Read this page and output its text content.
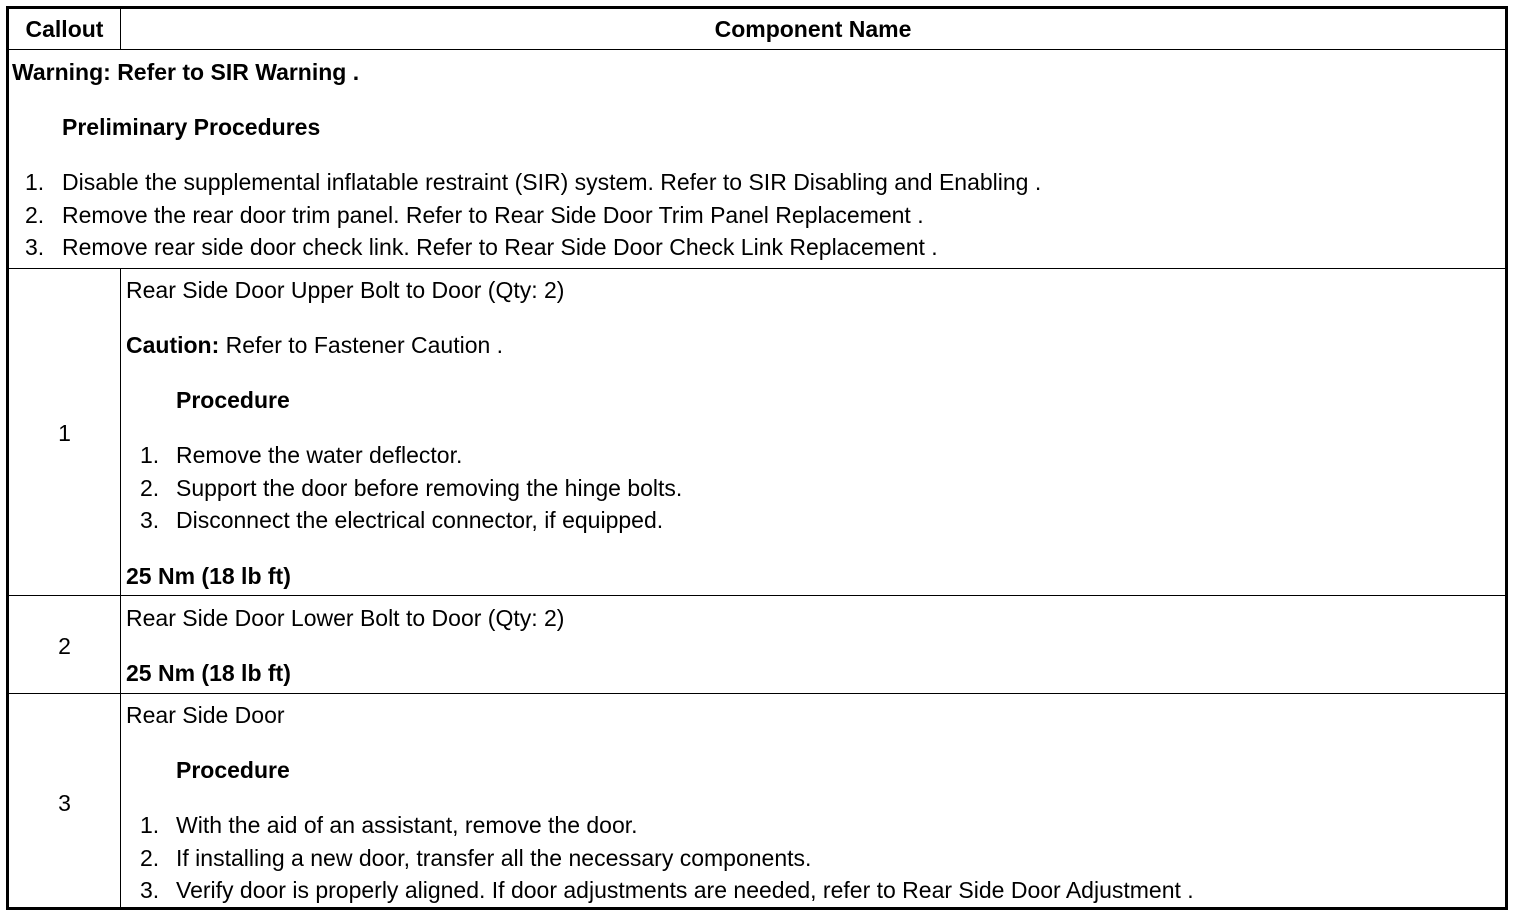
Callout	Component Name
Warning: Refer to SIR Warning .
Preliminary Procedures
1. Disable the supplemental inflatable restraint (SIR) system. Refer to SIR Disabling and Enabling .
2. Remove the rear door trim panel. Refer to Rear Side Door Trim Panel Replacement .
3. Remove rear side door check link. Refer to Rear Side Door Check Link Replacement .
1
Rear Side Door Upper Bolt to Door (Qty: 2)
Caution: Refer to Fastener Caution .
Procedure
1. Remove the water deflector.
2. Support the door before removing the hinge bolts.
3. Disconnect the electrical connector, if equipped.
25 Nm (18 lb ft)
2
Rear Side Door Lower Bolt to Door (Qty: 2)
25 Nm (18 lb ft)
3
Rear Side Door
Procedure
1. With the aid of an assistant, remove the door.
2. If installing a new door, transfer all the necessary components.
3. Verify door is properly aligned. If door adjustments are needed, refer to Rear Side Door Adjustment .
